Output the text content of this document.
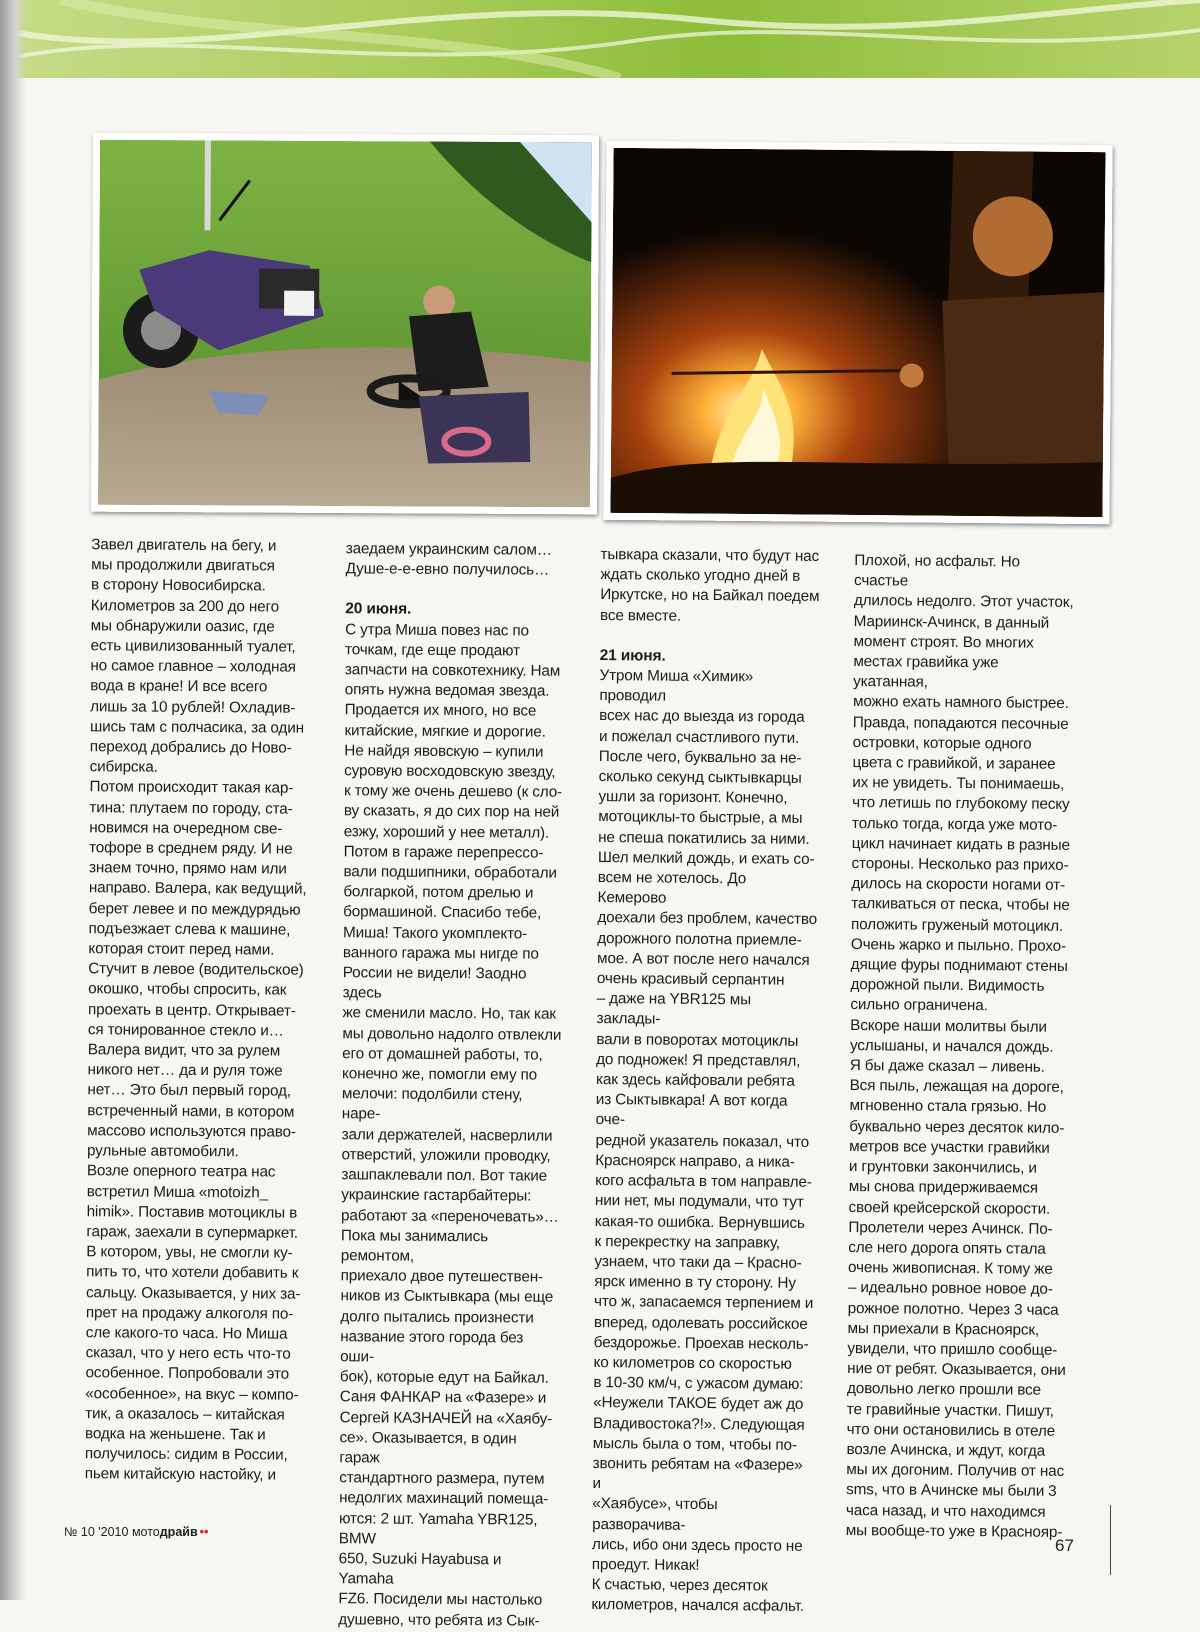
Завел двигатель на бегу, и
мы продолжили двигаться
в сторону Новосибирска.
Километров за 200 до него
мы обнаружили оазис, где
есть цивилизованный туалет,
но самое главное – холодная
вода в кране! И все всего
лишь за 10 рублей! Охладив-
шись там с полчасика, за один
переход добрались до Ново-
сибирска.

Потом происходит такая кар-
тина: плутаем по городу, ста-
новимся на очередном све-
тофоре в среднем ряду. И не
знаем точно, прямо нам или
направо. Валера, как ведущий,
берет левее и по междурядью
подъезжает слева к машине,
которая стоит перед нами.
Стучит в левое (водительское)
окошко, чтобы спросить, как
проехать в центр. Открывает-
ся тонированное стекло и…
Валера видит, что за рулем
никого нет… да и руля тоже
нет… Это был первый город,
встреченный нами, в котором
массово используются право-
рульные автомобили.

Возле оперного театра нас
встретил Миша «motoizh_
himik». Поставив мотоциклы в
гараж, заехали в супермаркет.
В котором, увы, не смогли ку-
пить то, что хотели добавить к
сальцу. Оказывается, у них за-
прет на продажу алкоголя по-
сле какого-то часа. Но Миша
сказал, что у него есть что-то
особенное. Попробовали это
«особенное», на вкус – компо-
тик, а оказалось – китайская
водка на женьшене. Так и
получилось: сидим в России,
пьем китайскую настойку, и

заедаем украинским салом…
Душе-е-е-евно получилось…

20 июня.

С утра Миша повез нас по
точкам, где еще продают
запчасти на совкотехнику. Нам
опять нужна ведомая звезда.
Продается их много, но все
китайские, мягкие и дорогие.
Не найдя явовскую – купили
суровую восходовскую звезду,
к тому же очень дешево (к сло-
ву сказать, я до сих пор на ней
езжу, хороший у нее металл).
Потом в гараже перепрессо-
вали подшипники, обработали
болгаркой, потом дрелью и
бормашиной. Спасибо тебе,
Миша! Такого укомплекто-
ванного гаража мы нигде по
России не видели! Заодно здесь
же сменили масло. Но, так как
мы довольно надолго отвлекли
его от домашней работы, то,
конечно же, помогли ему по
мелочи: подолбили стену, наре-
зали держателей, насверлили
отверстий, уложили проводку,
зашпаклевали пол. Вот такие
украинские гастарбайтеры:
работают за «переночевать»…
Пока мы занимались ремонтом,
приехало двое путешествен-
ников из Сыктывкара (мы еще
долго пытались произнести
название этого города без оши-
бок), которые едут на Байкал.
Саня ФАНКАР на «Фазере» и
Сергей КАЗНАЧЕЙ на «Хаябу-
се». Оказывается, в один гараж
стандартного размера, путем
недолгих махинаций помеща-
ются: 2 шт. Yamaha YBR125, BMW
650, Suzuki Hayabusa и Yamaha
FZ6. Посидели мы настолько
душевно, что ребята из Сык-

тывкара сказали, что будут нас
ждать сколько угодно дней в
Иркутске, но на Байкал поедем
все вместе.

21 июня.

Утром Миша «Химик» проводил
всех нас до выезда из города
и пожелал счастливого пути.
После чего, буквально за не-
сколько секунд сыктывкарцы
ушли за горизонт. Конечно,
мотоциклы-то быстрые, а мы
не спеша покатились за ними.
Шел мелкий дождь, и ехать со-
всем не хотелось. До Кемерово
доехали без проблем, качество
дорожного полотна приемле-
мое. А вот после него начался
очень красивый серпантин
– даже на YBR125 мы заклады-
вали в поворотах мотоциклы
до подножек! Я представлял,
как здесь кайфовали ребята
из Сыктывкара! А вот когда оче-
редной указатель показал, что
Красноярск направо, а ника-
кого асфальта в том направле-
нии нет, мы подумали, что тут
какая-то ошибка. Вернувшись
к перекрестку на заправку,
узнаем, что таки да – Красно-
ярск именно в ту сторону. Ну
что ж, запасаемся терпением и
вперед, одолевать российское
бездорожье. Проехав несколь-
ко километров со скоростью
в 10-30 км/ч, с ужасом думаю:
«Неужели ТАКОЕ будет аж до
Владивостока?!». Следующая
мысль была о том, чтобы по-
звонить ребятам на «Фазере» и
«Хаябусе», чтобы разворачива-
лись, ибо они здесь просто не
проедут. Никак!

К счастью, через десяток
километров, начался асфальт.

Плохой, но асфальт. Но счастье
длилось недолго. Этот участок,
Мариинск-Ачинск, в данный
момент строят. Во многих
местах гравийка уже укатанная,
можно ехать намного быстрее.
Правда, попадаются песочные
островки, которые одного
цвета с гравийкой, и заранее
их не увидеть. Ты понимаешь,
что летишь по глубокому песку
только тогда, когда уже мото-
цикл начинает кидать в разные
стороны. Несколько раз прихо-
дилось на скорости ногами от-
талкиваться от песка, чтобы не
положить груженый мотоцикл.
Очень жарко и пыльно. Прохо-
дящие фуры поднимают стены
дорожной пыли. Видимость
сильно ограничена.

Вскоре наши молитвы были
услышаны, и начался дождь.
Я бы даже сказал – ливень.
Вся пыль, лежащая на дороге,
мгновенно стала грязью. Но
буквально через десяток кило-
метров все участки гравийки
и грунтовки закончились, и
мы снова придерживаемся
своей крейсерской скорости.
Пролетели через Ачинск. По-
сле него дорога опять стала
очень живописная. К тому же
– идеально ровное новое до-
рожное полотно. Через 3 часа
мы приехали в Красноярск,
увидели, что пришло сообще-
ние от ребят. Оказывается, они
довольно легко прошли все
те гравийные участки. Пишут,
что они остановились в отеле
возле Ачинска, и ждут, когда
мы их догоним. Получив от нас
sms, что в Ачинске мы были 3
часа назад, и что находимся
мы вообще-то уже в Краснояр-

№ 10 '2010 мотодрайв ••
67
